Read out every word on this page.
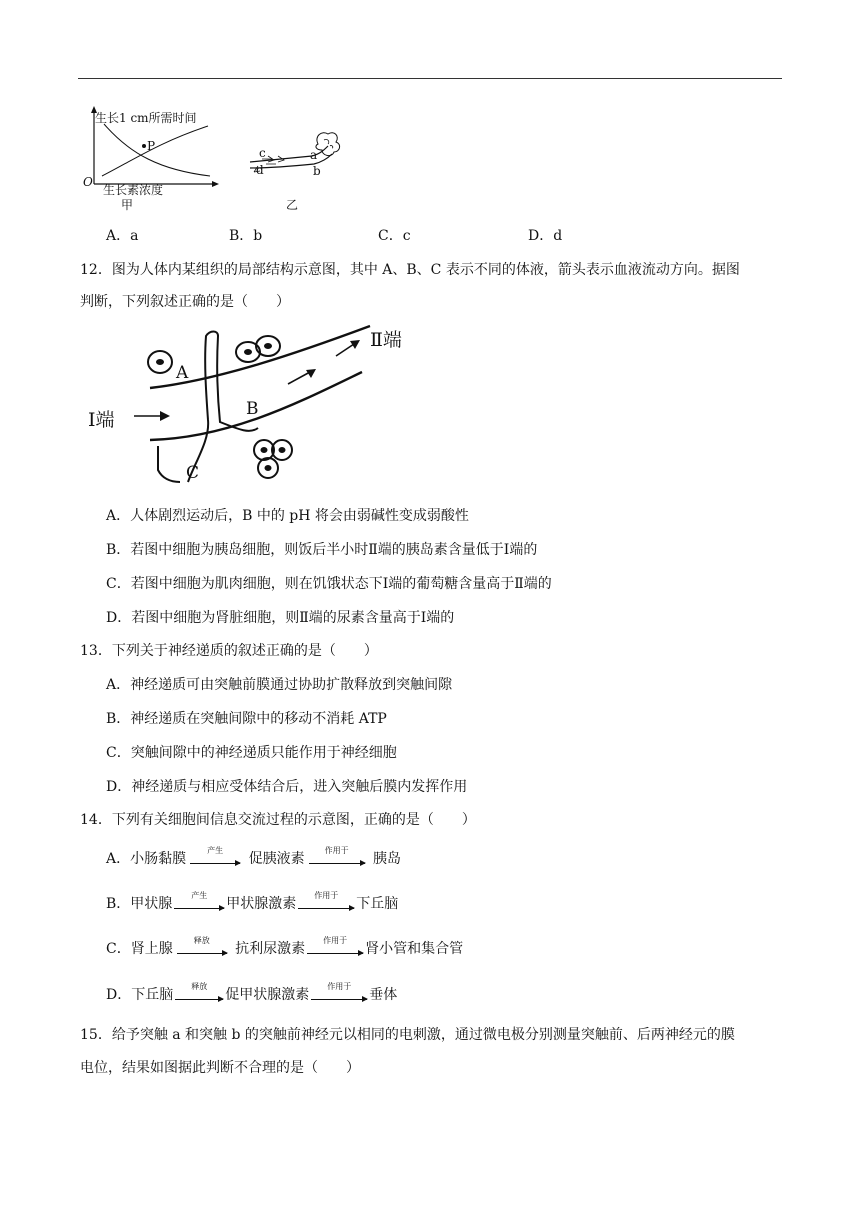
生长1 cm所需时间
P
O
生长素浓度
甲
c
d
a
b
乙
A．a	B．b	C．c	D．d
12．图为人体内某组织的局部结构示意图，其中 A、B、C 表示不同的体液，箭头表示血液流动方向。据图
判断，下列叙述正确的是（　　）
A
B
C
Ⅰ端
Ⅱ端
A．人体剧烈运动后，B 中的 pH 将会由弱碱性变成弱酸性
B．若图中细胞为胰岛细胞，则饭后半小时Ⅱ端的胰岛素含量低于Ⅰ端的
C．若图中细胞为肌肉细胞，则在饥饿状态下Ⅰ端的葡萄糖含量高于Ⅱ端的
D．若图中细胞为肾脏细胞，则Ⅱ端的尿素含量高于Ⅰ端的
13．下列关于神经递质的叙述正确的是（　　）
A．神经递质可由突触前膜通过协助扩散释放到突触间隙
B．神经递质在突触间隙中的移动不消耗 ATP
C．突触间隙中的神经递质只能作用于神经细胞
D．神经递质与相应受体结合后，进入突触后膜内发挥作用
14．下列有关细胞间信息交流过程的示意图，正确的是（　　）
A．小肠黏膜
产生
促胰液素
作用于
胰岛
B．甲状腺
产生
甲状腺激素
作用于
下丘脑
C．肾上腺
释放
抗利尿激素
作用于
肾小管和集合管
D．下丘脑
释放
促甲状腺激素
作用于
垂体
15．给予突触 a 和突触 b 的突触前神经元以相同的电刺激，通过微电极分别测量突触前、后两神经元的膜
电位，结果如图据此判断不合理的是（　　）
